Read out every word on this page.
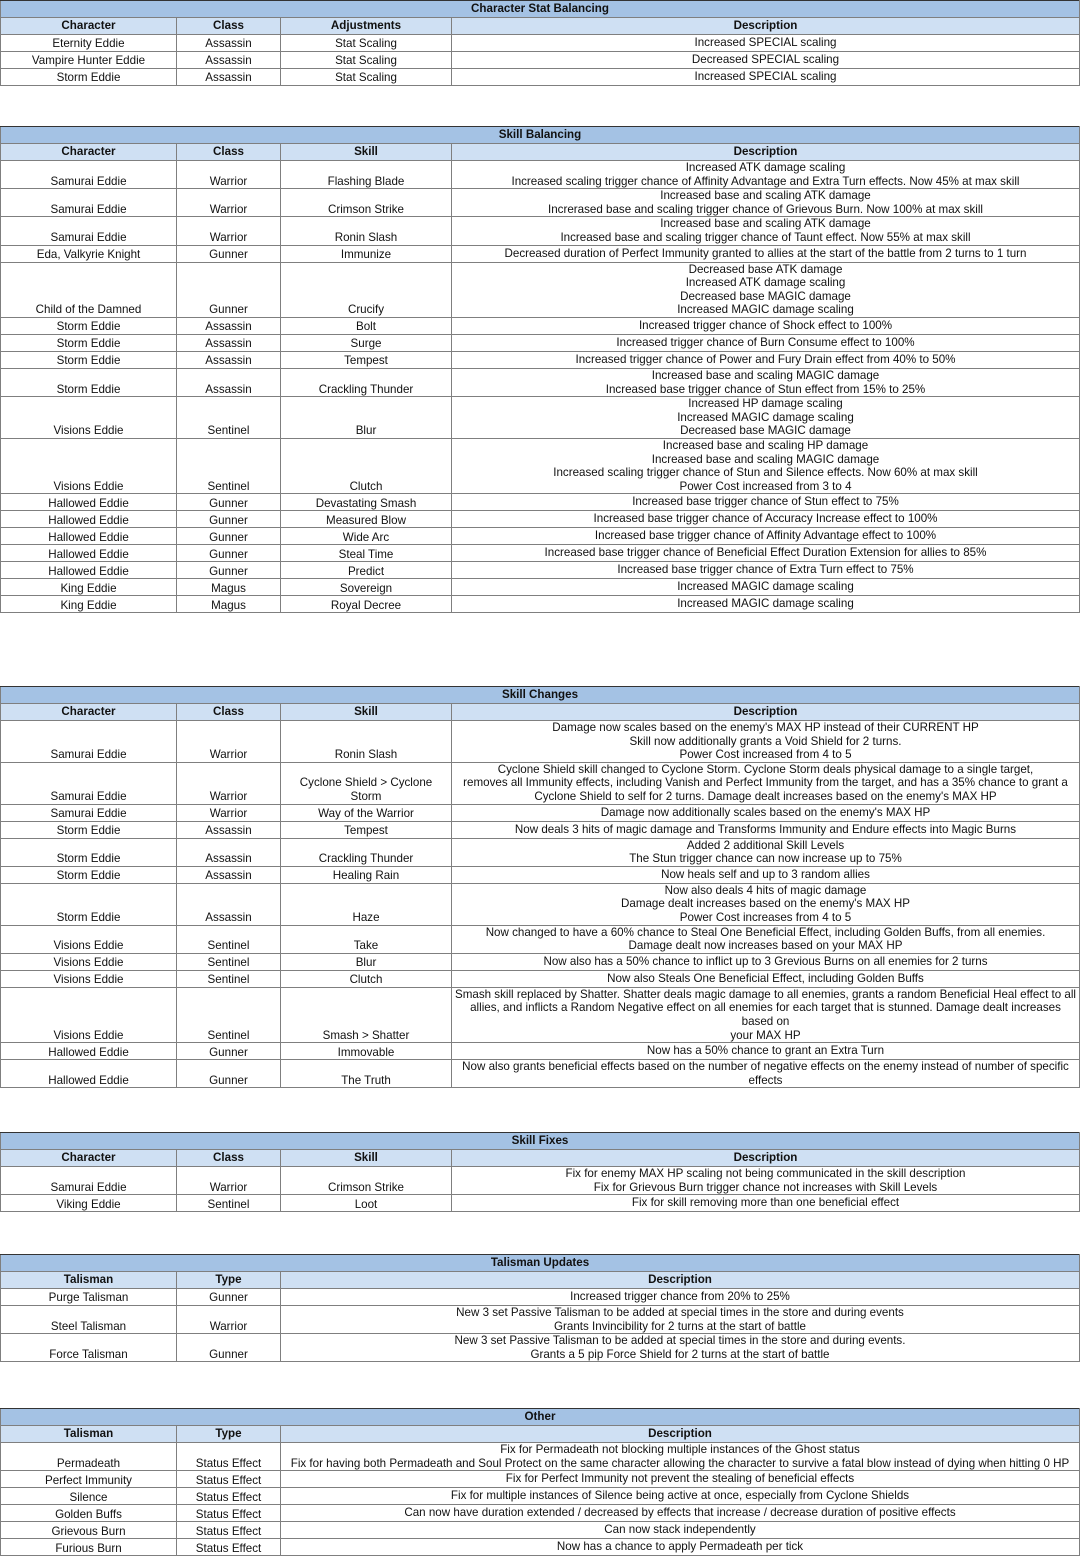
Character Stat Balancing			
Character	Class	Adjustments	Description
Eternity Eddie	Assassin	Stat Scaling	Increased SPECIAL scaling

Vampire Hunter Eddie	Assassin	Stat Scaling	Decreased SPECIAL scaling

Storm Eddie	Assassin	Stat Scaling	Increased SPECIAL scaling
Skill Balancing			
Character	Class	Skill	Description
Samurai Eddie	Warrior	Flashing Blade	Increased ATK damage scaling
Increased scaling trigger chance of Affinity Advantage and Extra Turn effects. Now 45% at max skill

Samurai Eddie	Warrior	Crimson Strike	Increased base and scaling ATK damage
Increrased base and scaling trigger chance of Grievous Burn. Now 100% at max skill

Samurai Eddie	Warrior	Ronin Slash	Increased base and scaling ATK damage
Increased base and scaling trigger chance of Taunt effect. Now 55% at max skill

Eda, Valkyrie Knight	Gunner	Immunize	Decreased duration of Perfect Immunity granted to allies at the start of the battle from 2 turns to 1 turn

Child of the Damned	Gunner	Crucify	Decreased base ATK damage
Increased ATK damage scaling
Decreased base MAGIC damage
Increased MAGIC damage scaling

Storm Eddie	Assassin	Bolt	Increased trigger chance of Shock effect to 100%

Storm Eddie	Assassin	Surge	Increased trigger chance of Burn Consume effect to 100%

Storm Eddie	Assassin	Tempest	Increased trigger chance of Power and Fury Drain effect from 40% to 50%

Storm Eddie	Assassin	Crackling Thunder	Increased base and scaling MAGIC damage
Increased base trigger chance of Stun effect from 15% to 25%

Visions Eddie	Sentinel	Blur	Increased HP damage scaling
Increased MAGIC damage scaling
Decreased base MAGIC damage

Visions Eddie	Sentinel	Clutch	Increased base and scaling HP damage
Increased base and scaling MAGIC damage
Increased scaling trigger chance of Stun and Silence effects. Now 60% at max skill
Power Cost increased from 3 to 4

Hallowed Eddie	Gunner	Devastating Smash	Increased base trigger chance of Stun effect to 75%

Hallowed Eddie	Gunner	Measured Blow	Increased base trigger chance of Accuracy Increase effect to 100%

Hallowed Eddie	Gunner	Wide Arc	Increased base trigger chance of Affinity Advantage effect to 100%

Hallowed Eddie	Gunner	Steal Time	Increased base trigger chance of Beneficial Effect Duration Extension for allies to 85%

Hallowed Eddie	Gunner	Predict	Increased base trigger chance of Extra Turn effect to 75%

King Eddie	Magus	Sovereign	Increased MAGIC damage scaling

King Eddie	Magus	Royal Decree	Increased MAGIC damage scaling
Skill Changes			
Character	Class	Skill	Description
Samurai Eddie	Warrior	Ronin Slash	Damage now scales based on the enemy's MAX HP instead of their CURRENT HP
Skill now additionally grants a Void Shield for 2 turns.
Power Cost increased from 4 to 5

Samurai Eddie	Warrior	Cyclone Shield > Cyclone Storm	Cyclone Shield skill changed to Cyclone Storm. Cyclone Storm deals physical damage to a single target,
removes all Immunity effects, including Vanish and Perfect Immunity from the target, and has a 35% chance to grant a
Cyclone Shield to self for 2 turns. Damage dealt increases based on the enemy's MAX HP

Samurai Eddie	Warrior	Way of the Warrior	Damage now additionally scales based on the enemy's MAX HP

Storm Eddie	Assassin	Tempest	Now deals 3 hits of magic damage and Transforms Immunity and Endure effects into Magic Burns

Storm Eddie	Assassin	Crackling Thunder	Added 2 additional Skill Levels
The Stun trigger chance can now increase up to 75%

Storm Eddie	Assassin	Healing Rain	Now heals self and up to 3 random allies

Storm Eddie	Assassin	Haze	Now also deals 4 hits of magic damage
Damage dealt increases based on the enemy's MAX HP
Power Cost increases from 4 to 5

Visions Eddie	Sentinel	Take	Now changed to have a 60% chance to Steal One Beneficial Effect, including Golden Buffs, from all enemies.
Damage dealt now increases based on your MAX HP

Visions Eddie	Sentinel	Blur	Now also has a 50% chance to inflict up to 3 Grevious Burns on all enemies for 2 turns

Visions Eddie	Sentinel	Clutch	Now also Steals One Beneficial Effect, including Golden Buffs

Visions Eddie	Sentinel	Smash > Shatter	Smash skill replaced by Shatter. Shatter deals magic damage to all enemies, grants a random Beneficial Heal effect to all
allies, and inflicts a Random Negative effect on all enemies for each target that is stunned. Damage dealt increases based on
your MAX HP

Hallowed Eddie	Gunner	Immovable	Now has a 50% chance to grant an Extra Turn

Hallowed Eddie	Gunner	The Truth	Now also grants beneficial effects based on the number of negative effects on the enemy instead of number of specific effects
Skill Fixes			
Character	Class	Skill	Description
Samurai Eddie	Warrior	Crimson Strike	Fix for enemy MAX HP scaling not being communicated in the skill description
Fix for Grievous Burn trigger chance not increases with Skill Levels

Viking Eddie	Sentinel	Loot	Fix for skill removing more than one beneficial effect
Talisman Updates		
Talisman	Type	Description
Purge Talisman	Gunner	Increased trigger chance from 20% to 25%

Steel Talisman	Warrior	New 3 set Passive Talisman to be added at special times in the store and during events
Grants Invincibility for 2 turns at the start of battle

Force Talisman	Gunner	New 3 set Passive Talisman to be added at special times in the store and during events.
Grants a 5 pip Force Shield for 2 turns at the start of battle
Other		
Talisman	Type	Description
Permadeath	Status Effect	Fix for Permadeath not blocking multiple instances of the Ghost status
Fix for having both Permadeath and Soul Protect on the same character allowing the character to survive a fatal blow instead of dying when hitting 0 HP

Perfect Immunity	Status Effect	Fix for Perfect Immunity not prevent the stealing of beneficial effects

Silence	Status Effect	Fix for multiple instances of Silence being active at once, especially from Cyclone Shields

Golden Buffs	Status Effect	Can now have duration extended / decreased by effects that increase / decrease duration of positive effects

Grievous Burn	Status Effect	Can now stack independently

Furious Burn	Status Effect	Now has a chance to apply Permadeath per tick
